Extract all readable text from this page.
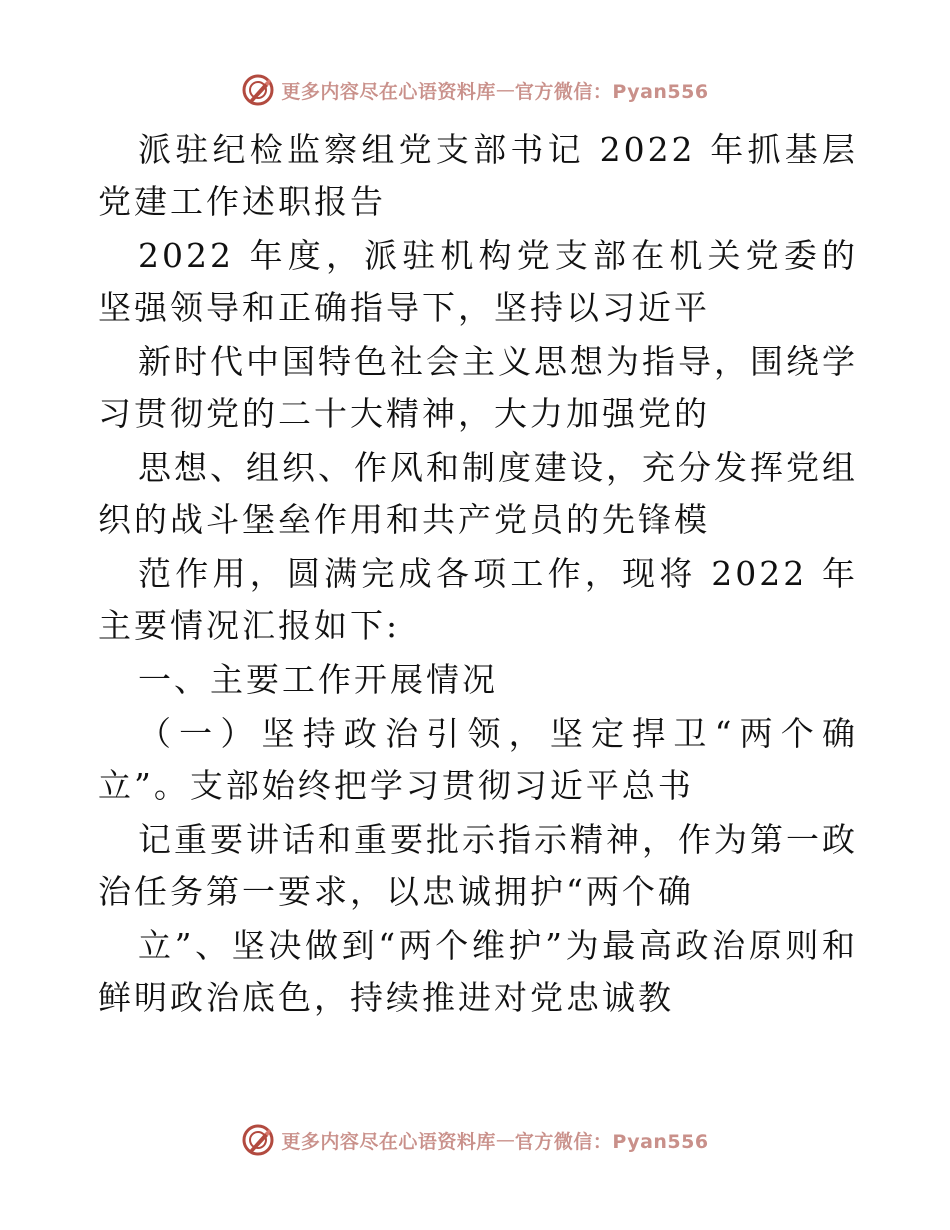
更多内容尽在心语资料库 — 官方微信：Pyan556

派驻纪检监察组党支部书记 2022 年抓基层党建工作述职报告

2022 年度，派驻机构党支部在机关党委的坚强领导和正确指导下，坚持以习近平

新时代中国特色社会主义思想为指导，围绕学习贯彻党的二十大精神，大力加强党的

思想、组织、作风和制度建设，充分发挥党组织的战斗堡垒作用和共产党员的先锋模

范作用，圆满完成各项工作，现将 2022 年主要情况汇报如下:

一、主要工作开展情况

（一）坚持政治引领，坚定捍卫“两个确立”。支部始终把学习贯彻习近平总书

记重要讲话和重要批示指示精神，作为第一政治任务第一要求，以忠诚拥护“两个确

立”、坚决做到“两个维护”为最高政治原则和鲜明政治底色，持续推进对党忠诚教

更多内容尽在心语资料库 — 官方微信：Pyan556
